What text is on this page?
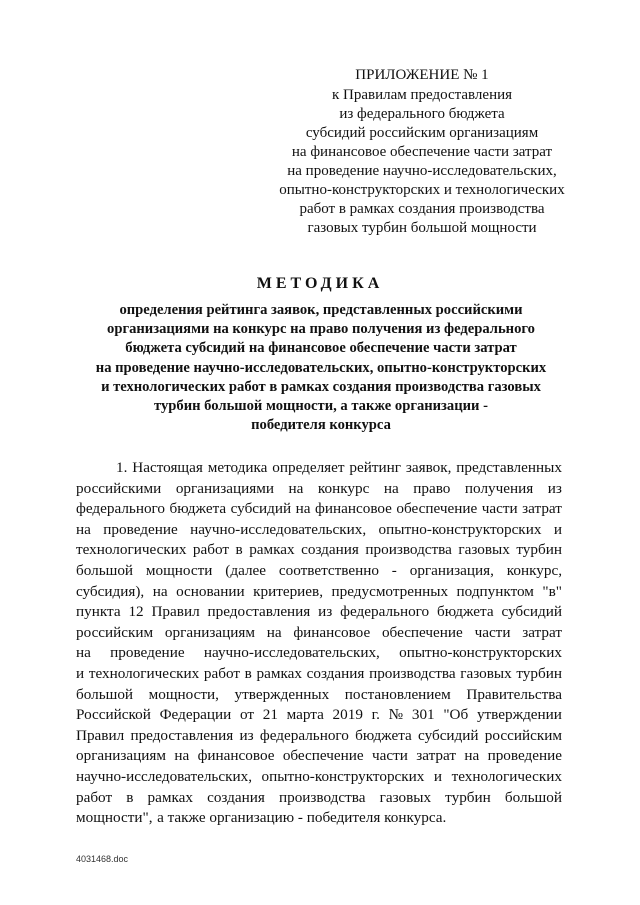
ПРИЛОЖЕНИЕ № 1
к Правилам предоставления
из федерального бюджета
субсидий российским организациям
на финансовое обеспечение части затрат
на проведение научно-исследовательских,
опытно-конструкторских и технологических
работ в рамках создания производства
газовых турбин большой мощности
МЕТОДИКА
определения рейтинга заявок, представленных российскими
организациями на конкурс на право получения из федерального
бюджета субсидий на финансовое обеспечение части затрат
на проведение научно-исследовательских, опытно-конструкторских
и технологических работ в рамках создания производства газовых
турбин большой мощности, а также организации -
победителя конкурса
1. Настоящая методика определяет рейтинг заявок, представленных
российскими организациями на конкурс на право получения из
федерального бюджета субсидий на финансовое обеспечение части затрат
на проведение научно-исследовательских, опытно-конструкторских и
технологических работ в рамках создания производства газовых турбин
большой мощности (далее соответственно - организация, конкурс,
субсидия), на основании критериев, предусмотренных подпунктом "в"
пункта 12 Правил предоставления из федерального бюджета субсидий
российским организациям на финансовое обеспечение части затрат
на проведение научно-исследовательских, опытно-конструкторских
и технологических работ в рамках создания производства газовых турбин
большой мощности, утвержденных постановлением Правительства
Российской Федерации от 21 марта 2019 г. № 301 "Об утверждении
Правил предоставления из федерального бюджета субсидий российским
организациям на финансовое обеспечение части затрат на проведение
научно-исследовательских, опытно-конструкторских и технологических
работ в рамках создания производства газовых турбин большой
мощности", а также организацию - победителя конкурса.
4031468.doc
